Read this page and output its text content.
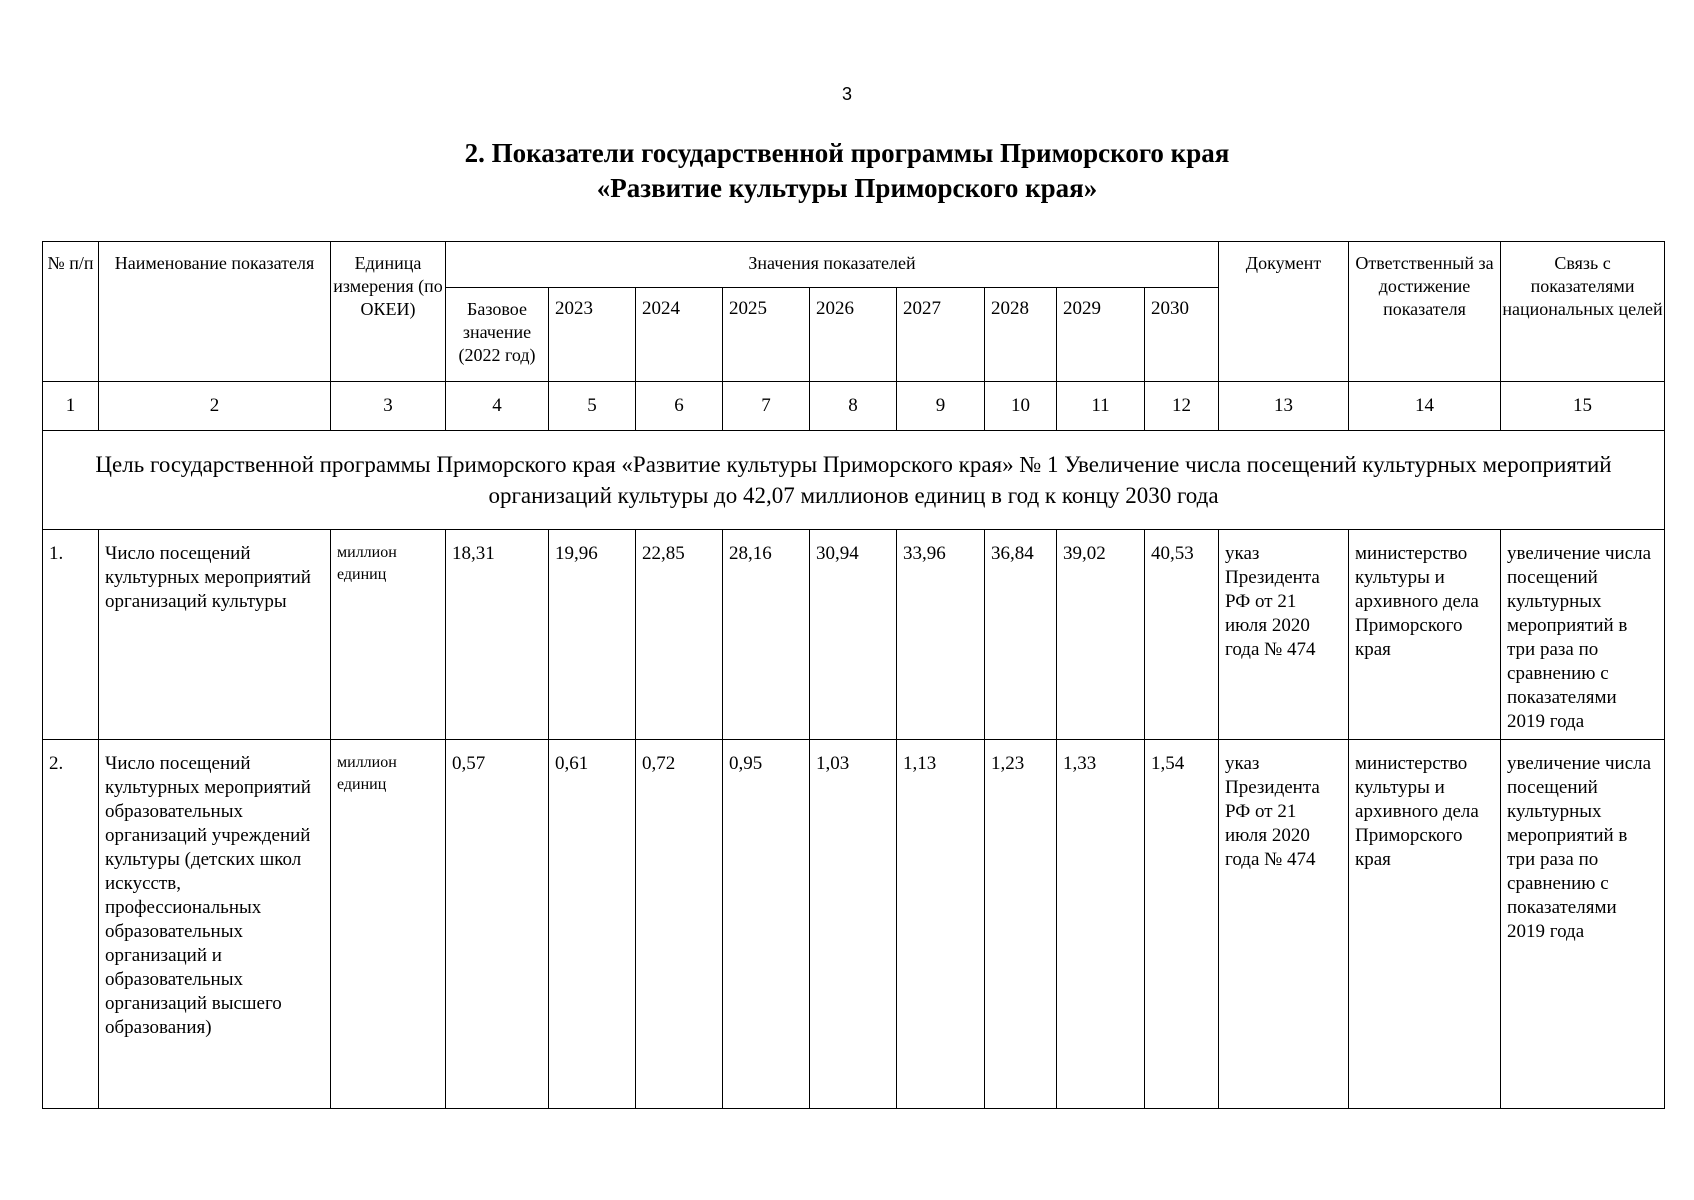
3
2. Показатели государственной программы Приморского края
«Развитие культуры Приморского края»
№ п/п	Наименование показателя	Единица измерения (по ОКЕИ)	Значения показателей									Документ	Ответственный за достижение показателя	Связь с показателями национальных целей
			Базовое значение (2022 год)	2023	2024	2025	2026	2027	2028	2029	2030			
1	2	3	4	5	6	7	8	9	10	11	12	13	14	15
Цель государственной программы Приморского края «Развитие культуры Приморского края» № 1 Увеличение числа посещений культурных мероприятий организаций культуры до 42,07 миллионов единиц в год к концу 2030 года														
1.	Число посещений культурных мероприятий организаций культуры	миллион единиц	18,31	19,96	22,85	28,16	30,94	33,96	36,84	39,02	40,53	указ Президента РФ от 21 июля 2020 года № 474	министерство культуры и архивного дела Приморского края	увеличение числа посещений культурных мероприятий в три раза по сравнению с показателями 2019 года
2.	Число посещений культурных мероприятий образовательных организаций учреждений культуры (детских школ искусств, профессиональных образовательных организаций и образовательных организаций высшего образования)	миллион единиц	0,57	0,61	0,72	0,95	1,03	1,13	1,23	1,33	1,54	указ Президента РФ от 21 июля 2020 года № 474	министерство культуры и архивного дела Приморского края	увеличение числа посещений культурных мероприятий в три раза по сравнению с показателями 2019 года
